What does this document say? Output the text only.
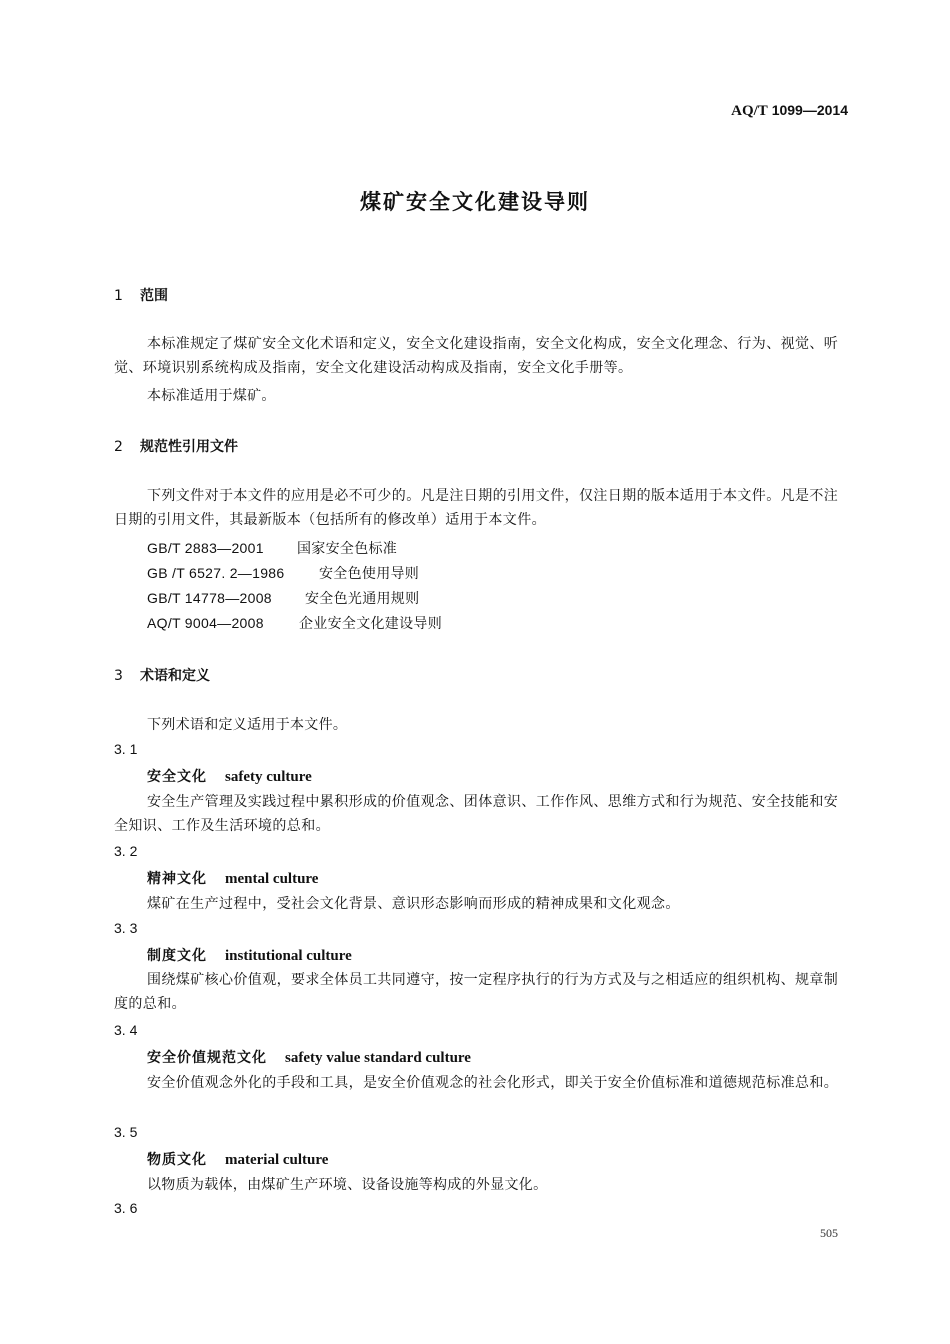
AQ/T 1099—2014
煤矿安全文化建设导则
1 范围
本标准规定了煤矿安全文化术语和定义，安全文化建设指南，安全文化构成，安全文化理念、行为、视觉、听觉、环境识别系统构成及指南，安全文化建设活动构成及指南，安全文化手册等。
本标准适用于煤矿。
2 规范性引用文件
下列文件对于本文件的应用是必不可少的。凡是注日期的引用文件，仅注日期的版本适用于本文件。凡是不注日期的引用文件，其最新版本（包括所有的修改单）适用于本文件。
GB/T 2883—2001 国家安全色标准
GB /T 6527. 2—1986 安全色使用导则
GB/T 14778—2008 安全色光通用规则
AQ/T 9004—2008	企业安全文化建设导则
3 术语和定义
下列术语和定义适用于本文件。
3. 1
安全文化 safety culture
安全生产管理及实践过程中累积形成的价值观念、团体意识、工作作风、思维方式和行为规范、安全技能和安全知识、工作及生活环境的总和。
3. 2
精神文化 mental culture
煤矿在生产过程中，受社会文化背景、意识形态影响而形成的精神成果和文化观念。
3. 3
制度文化 institutional culture
围绕煤矿核心价值观，要求全体员工共同遵守，按一定程序执行的行为方式及与之相适应的组织机构、规章制度的总和。
3. 4
安全价值规范文化 safety value standard culture
安全价值观念外化的手段和工具，是安全价值观念的社会化形式，即关于安全价值标准和道德规范标准总和。
3. 5
物质文化 material culture
以物质为载体，由煤矿生产环境、设备设施等构成的外显文化。
3. 6
505
